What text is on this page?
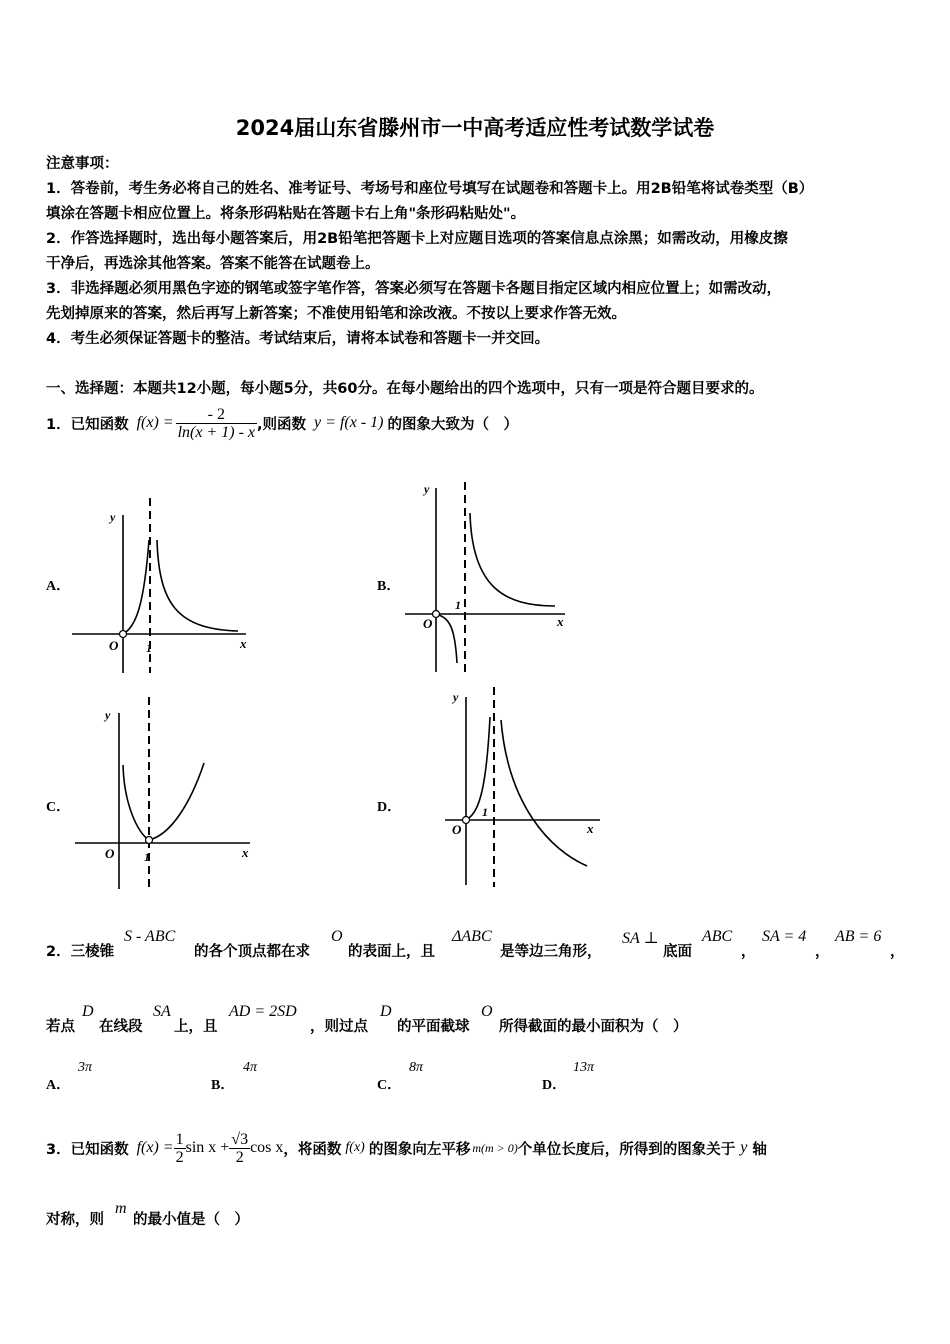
2024届山东省滕州市一中高考适应性考试数学试卷
注意事项：
1．答卷前，考生务必将自己的姓名、准考证号、考场号和座位号填写在试题卷和答题卡上。用2B铅笔将试卷类型（B）
填涂在答题卡相应位置上。将条形码粘贴在答题卡右上角"条形码粘贴处"。
2．作答选择题时，选出每小题答案后，用2B铅笔把答题卡上对应题目选项的答案信息点涂黑；如需改动，用橡皮擦
干净后，再选涂其他答案。答案不能答在试题卷上。
3．非选择题必须用黑色字迹的钢笔或签字笔作答，答案必须写在答题卡各题目指定区域内相应位置上；如需改动，
先划掉原来的答案，然后再写上新答案；不准使用铅笔和涂改液。不按以上要求作答无效。
4．考生必须保证答题卡的整洁。考试结束后，请将本试卷和答题卡一并交回。
一、选择题：本题共12小题，每小题5分，共60分。在每小题给出的四个选项中，只有一项是符合题目要求的。
1．已知函数 $f(x) = \frac{- 2}{\ln(x + 1) - x}$ ,则函数 y = f(x - 1) 的图象大致为（　）
A．	B．
C．	D．
y
O 1	x
y
O
1
x
y
O 1	x
y
O
1
x
2．三棱锥
S - ABC
的各个顶点都在求
O
的表面上，且
ΔABC
是等边三角形，
SA ⊥
底面
ABC
，
SA = 4
，
AB = 6
，
若点
D
在线段
SA
上，且
AD = 2SD
，则过点
D
的平面截球
O
所得截面的最小面积为（　）
A．
3π
B．
4π
C．
8π
D．
13π
3．已知函数 $f(x) = \frac{1}{2}$ $\sin x + \frac{√3}{2}$ cos x ，将函数 f(x) 的图象向左平移 m(m > 0) 个单位长度后，所得到的图象关于 y 轴
对称，则
m
的最小值是（　）
